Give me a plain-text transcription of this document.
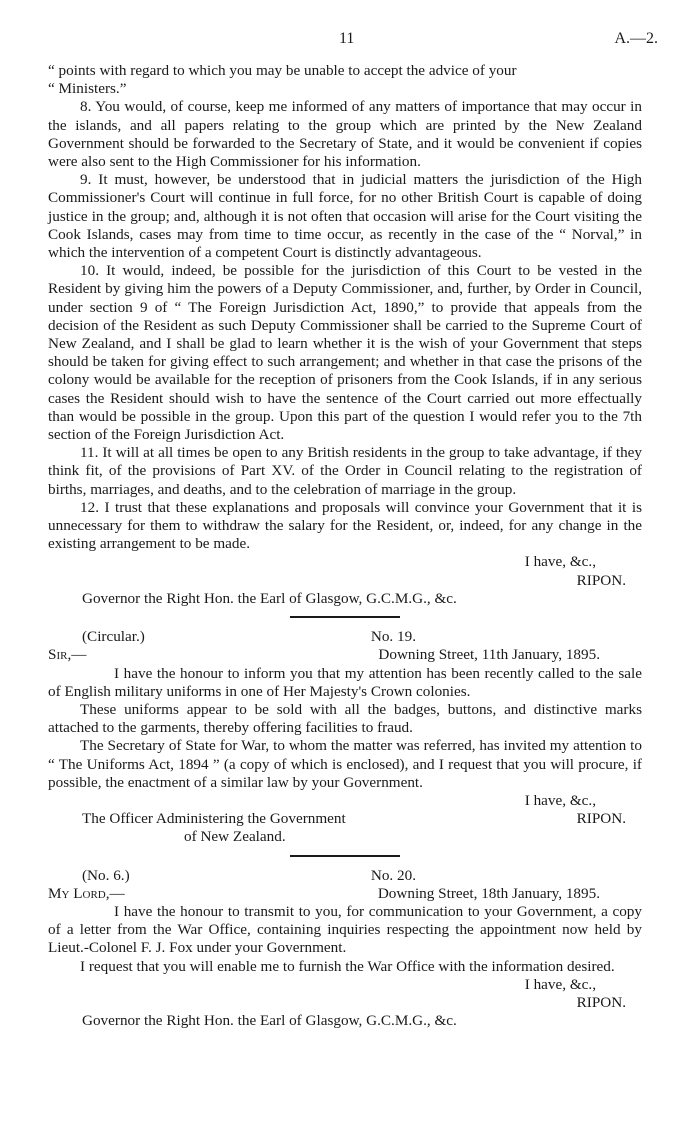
11	A.—2.

“ points with regard to which you may be unable to accept the advice of your

“ Ministers.”

8. You would, of course, keep me informed of any matters of importance that may occur in the islands, and all papers relating to the group which are printed by the New Zealand Government should be forwarded to the Secretary of State, and it would be convenient if copies were also sent to the High Commissioner for his information.

9. It must, however, be understood that in judicial matters the jurisdiction of the High Commissioner's Court will continue in full force, for no other British Court is capable of doing justice in the group; and, although it is not often that occasion will arise for the Court visiting the Cook Islands, cases may from time to time occur, as recently in the case of the “ Norval,” in which the intervention of a competent Court is distinctly advantageous.

10. It would, indeed, be possible for the jurisdiction of this Court to be vested in the Resident by giving him the powers of a Deputy Commissioner, and, further, by Order in Council, under section 9 of “ The Foreign Jurisdiction Act, 1890,” to provide that appeals from the decision of the Resident as such Deputy Commissioner shall be carried to the Supreme Court of New Zealand, and I shall be glad to learn whether it is the wish of your Government that steps should be taken for giving effect to such arrangement; and whether in that case the prisons of the colony would be available for the reception of prisoners from the Cook Islands, if in any serious cases the Resident should wish to have the sentence of the Court carried out more effectually than would be possible in the group. Upon this part of the question I would refer you to the 7th section of the Foreign Jurisdiction Act.

11. It will at all times be open to any British residents in the group to take advantage, if they think fit, of the provisions of Part XV. of the Order in Council relating to the registration of births, marriages, and deaths, and to the celebration of marriage in the group.

12. I trust that these explanations and proposals will convince your Government that it is unnecessary for them to withdraw the salary for the Resident, or, indeed, for any change in the existing arrangement to be made.

I have, &c.,

RIPON.

Governor the Right Hon. the Earl of Glasgow, G.C.M.G., &c.

(Circular.)	No. 19.
Sir,—	Downing Street, 11th January, 1895.

I have the honour to inform you that my attention has been recently called to the sale of English military uniforms in one of Her Majesty's Crown colonies.

These uniforms appear to be sold with all the badges, buttons, and distinctive marks attached to the garments, thereby offering facilities to fraud.

The Secretary of State for War, to whom the matter was referred, has invited my attention to “ The Uniforms Act, 1894 ” (a copy of which is enclosed), and I request that you will procure, if possible, the enactment of a similar law by your Government.

I have, &c.,

The Officer Administering the Government	RIPON.

of New Zealand.

(No. 6.)	No. 20.
My Lord,—	Downing Street, 18th January, 1895.

I have the honour to transmit to you, for communication to your Government, a copy of a letter from the War Office, containing inquiries respecting the appointment now held by Lieut.-Colonel F. J. Fox under your Government.

I request that you will enable me to furnish the War Office with the information desired.

I have, &c.,

RIPON.

Governor the Right Hon. the Earl of Glasgow, G.C.M.G., &c.
